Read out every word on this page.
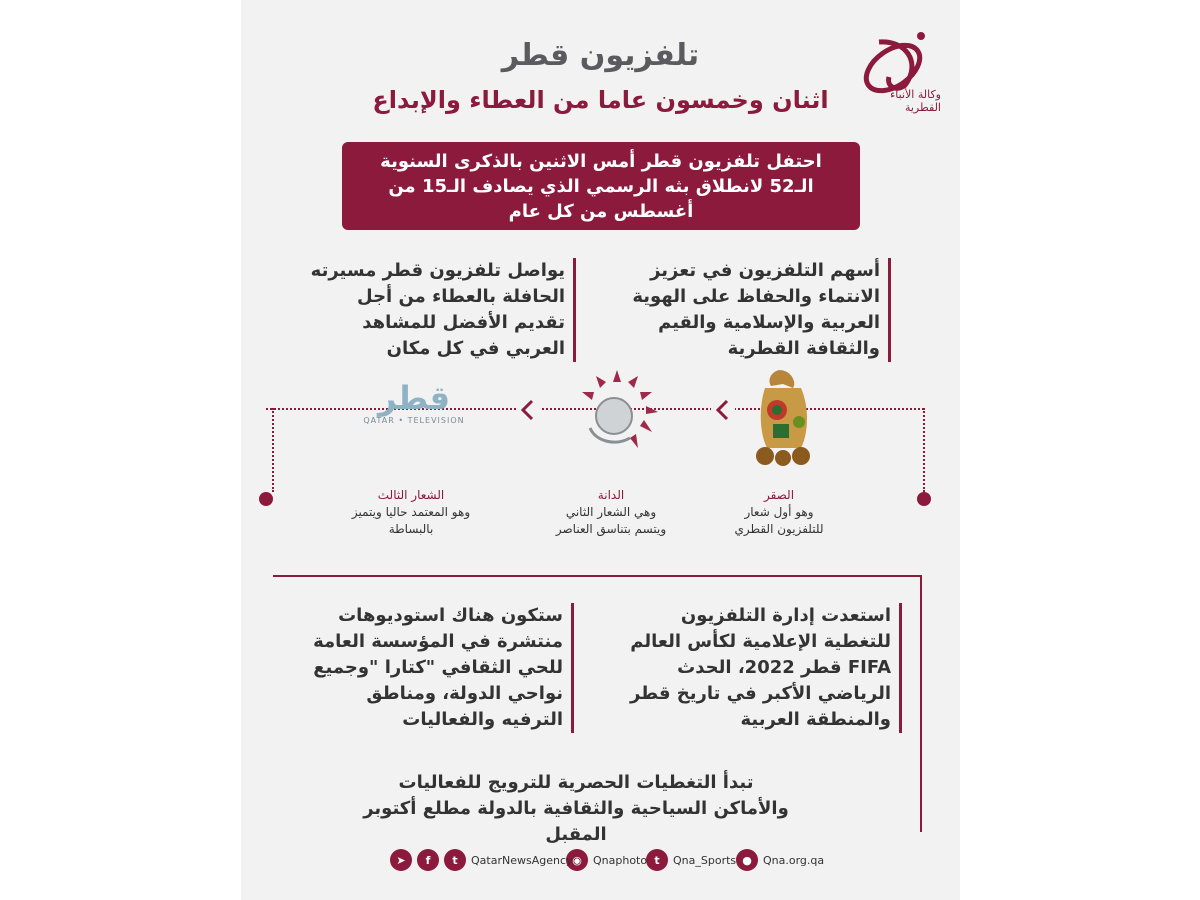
وكالة الأنباء
القطرية
تلفزيون قطر
اثنان وخمسون عاما من العطاء والإبداع
احتفل تلفزيون قطر أمس الاثنين بالذكرى السنوية الـ52 لانطلاق بثه الرسمي الذي يصادف الـ15 من أغسطس من كل عام
أسهم التلفزيون في تعزيز الانتماء والحفاظ على الهوية العربية والإسلامية والقيم والثقافة القطرية
يواصل تلفزيون قطر مسيرته الحافلة بالعطاء من أجل تقديم الأفضل للمشاهد العربي في كل مكان
قطر
QATAR • TELEVISION
الصقر
وهو أول شعار
للتلفزيون القطري
الدانة
وهي الشعار الثاني
ويتسم بتناسق العناصر
الشعار الثالث
وهو المعتمد حاليا ويتميز
بالبساطة
استعدت إدارة التلفزيون للتغطية الإعلامية لكأس العالم FIFA قطر 2022، الحدث الرياضي الأكبر في تاريخ قطر والمنطقة العربية
ستكون هناك استوديوهات منتشرة في المؤسسة العامة للحي الثقافي "كتارا "وجميع نواحي الدولة، ومناطق الترفيه والفعاليات
تبدأ التغطيات الحصرية للترويج للفعاليات والأماكن السياحية والثقافية بالدولة مطلع أكتوبر المقبل
●	Qna.org.qa
t	Qna_Sports
◉	Qnaphoto
➤	f	t	QatarNewsAgency
